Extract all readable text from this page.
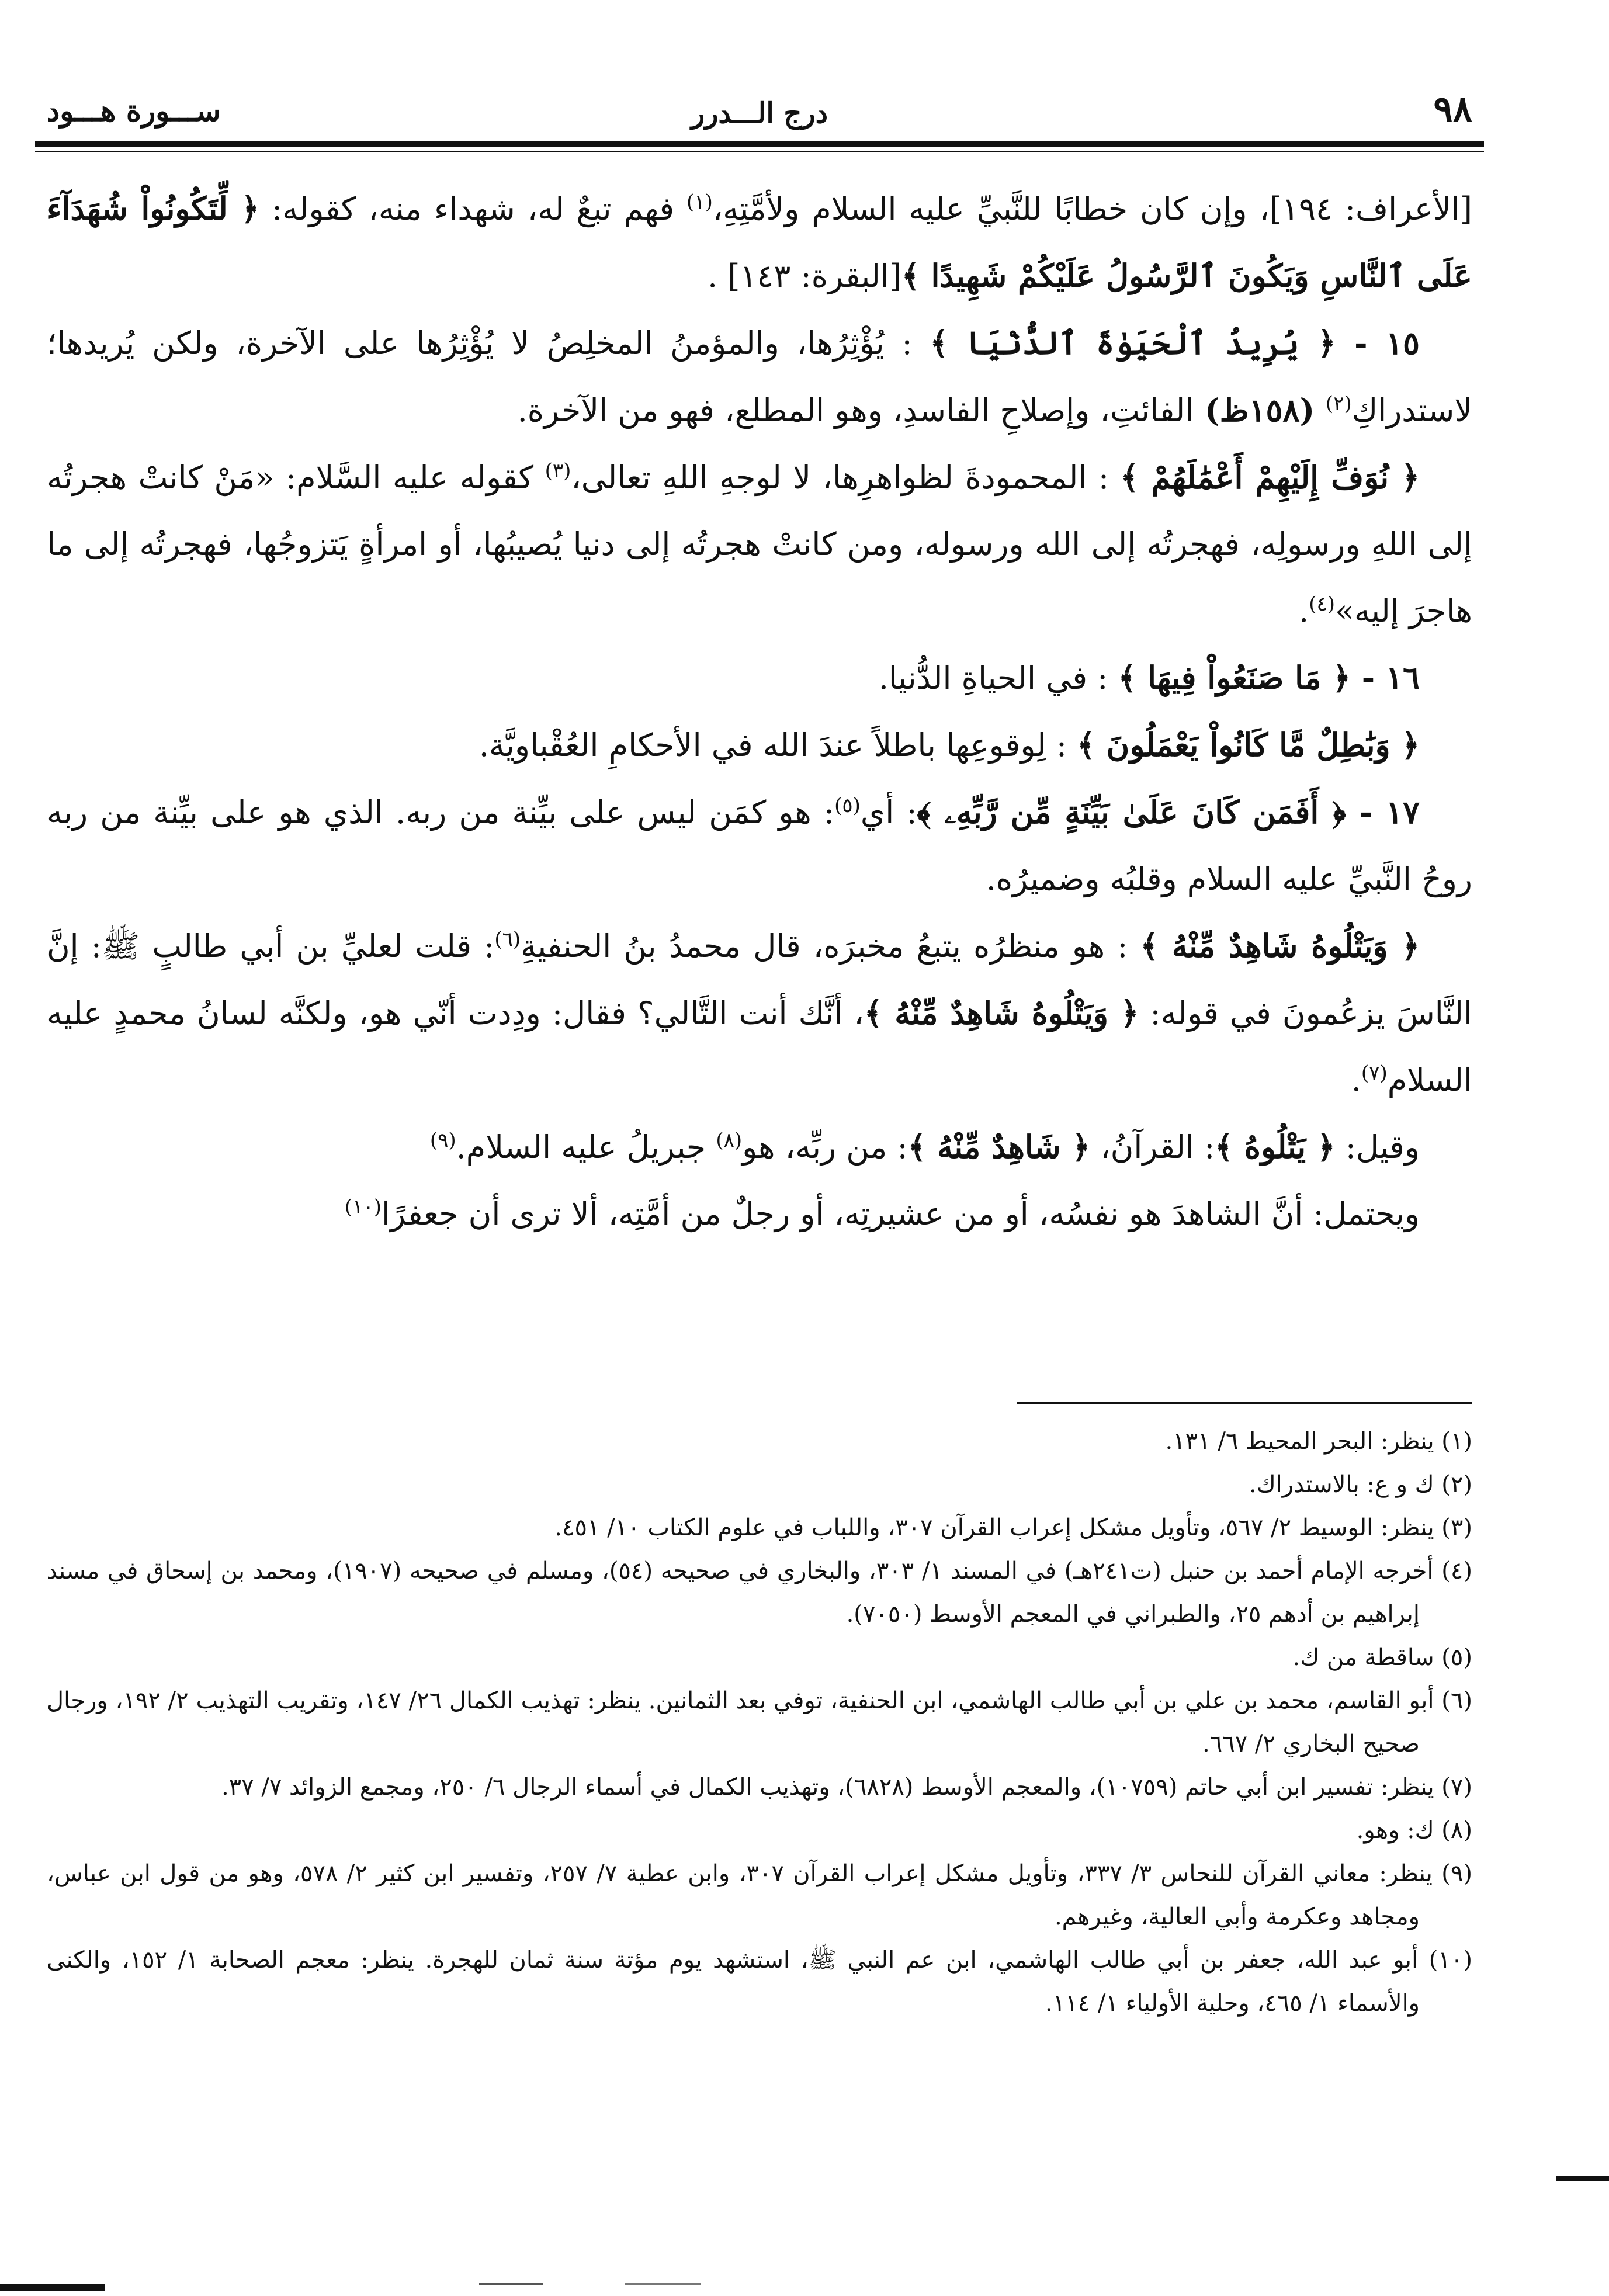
٩٨
درج الـــدرر
ســـورة هـــود

[الأعراف: ١٩٤]، وإن كان خطابًا للنَّبيِّ عليه السلام ولأمَّتِهِ،$^{(١)}$ فهم تبعٌ له، شهداء منه، كقوله: ﴿ لِّتَكُونُواْ شُهَدَآءَ عَلَى ٱلنَّاسِ وَيَكُونَ ٱلرَّسُولُ عَلَيْكُمْ شَهِيدًا ﴾[البقرة: ١٤٣] .

١٥ - ﴿ يُرِيدُ ٱلْحَيَوٰةَ ٱلدُّنْيَا ﴾ : يُؤْثِرُها، والمؤمنُ المخلِصُ لا يُؤْثِرُها على الآخرة، ولكن يُريدها؛ لاستدراكِ$^{(٢)}$ (١٥٨ظ) الفائتِ، وإصلاحِ الفاسدِ، وهو المطلع، فهو من الآخرة.

﴿ نُوَفِّ إِلَيْهِمْ أَعْمَٰلَهُمْ ﴾ : المحمودةَ لظواهرِها، لا لوجهِ اللهِ تعالى،$^{(٣)}$ كقوله عليه السَّلام: «مَنْ كانتْ هجرتُه إلى اللهِ ورسولِه، فهجرتُه إلى الله ورسوله، ومن كانتْ هجرتُه إلى دنيا يُصيبُها، أو امرأةٍ يَتزوجُها، فهجرتُه إلى ما هاجرَ إليه»$^{(٤)}$.

١٦ - ﴿ مَا صَنَعُواْ فِيهَا ﴾ : في الحياةِ الدُّنيا.

﴿ وَبَٰطِلٌ مَّا كَانُواْ يَعْمَلُونَ ﴾ : لِوقوعِها باطلاً عندَ الله في الأحكامِ العُقْباويَّة.

١٧ - ﴿ أَفَمَن كَانَ عَلَىٰ بَيِّنَةٍ مِّن رَّبِّهِۦ ﴾: أي$^{(٥)}$: هو كمَن ليس على بيِّنة من ربه. الذي هو على بيِّنة من ربه روحُ النَّبيِّ عليه السلام وقلبُه وضميرُه.

﴿ وَيَتْلُوهُ شَاهِدٌ مِّنْهُ ﴾ : هو منظرُه يتبعُ مخبرَه، قال محمدُ بنُ الحنفيةِ$^{(٦)}$: قلت لعليِّ بن أبي طالبٍ ﷺ: إنَّ النَّاسَ يزعُمونَ في قوله: ﴿ وَيَتْلُوهُ شَاهِدٌ مِّنْهُ ﴾، أنَّك أنت التَّالي؟ فقال: ودِدت أنّي هو، ولكنَّه لسانُ محمدٍ عليه السلام$^{(٧)}$.

وقيل: ﴿ يَتْلُوهُ ﴾: القرآنُ، ﴿ شَاهِدٌ مِّنْهُ ﴾: من ربِّه، هو$^{(٨)}$ جبريلُ عليه السلام.$^{(٩)}$

ويحتمل: أنَّ الشاهدَ هو نفسُه، أو من عشيرتِه، أو رجلٌ من أمَّتِه، ألا ترى أن جعفرًا$^{(١٠)}$

(١) ينظر: البحر المحيط ٦/ ١٣١.

(٢) ك و ع: بالاستدراك.

(٣) ينظر: الوسيط ٢/ ٥٦٧، وتأويل مشكل إعراب القرآن ٣٠٧، واللباب في علوم الكتاب ١٠/ ٤٥١.

(٤) أخرجه الإمام أحمد بن حنبل (ت٢٤١هـ) في المسند ١/ ٣٠٣، والبخاري في صحيحه (٥٤)، ومسلم في صحيحه (١٩٠٧)، ومحمد بن إسحاق في مسند إبراهيم بن أدهم ٢٥، والطبراني في المعجم الأوسط (٧٠٥٠).

(٥) ساقطة من ك.

(٦) أبو القاسم، محمد بن علي بن أبي طالب الهاشمي، ابن الحنفية، توفي بعد الثمانين. ينظر: تهذيب الكمال ٢٦/ ١٤٧، وتقريب التهذيب ٢/ ١٩٢، ورجال صحيح البخاري ٢/ ٦٦٧.

(٧) ينظر: تفسير ابن أبي حاتم (١٠٧٥٩)، والمعجم الأوسط (٦٨٢٨)، وتهذيب الكمال في أسماء الرجال ٦/ ٢٥٠، ومجمع الزوائد ٧/ ٣٧.

(٨) ك: وهو.

(٩) ينظر: معاني القرآن للنحاس ٣/ ٣٣٧، وتأويل مشكل إعراب القرآن ٣٠٧، وابن عطية ٧/ ٢٥٧، وتفسير ابن كثير ٢/ ٥٧٨، وهو من قول ابن عباس، ومجاهد وعكرمة وأبي العالية، وغيرهم.

(١٠) أبو عبد الله، جعفر بن أبي طالب الهاشمي، ابن عم النبي ﷺ، استشهد يوم مؤتة سنة ثمان للهجرة. ينظر: معجم الصحابة ١/ ١٥٢، والكنى والأسماء ١/ ٤٦٥، وحلية الأولياء ١/ ١١٤.
